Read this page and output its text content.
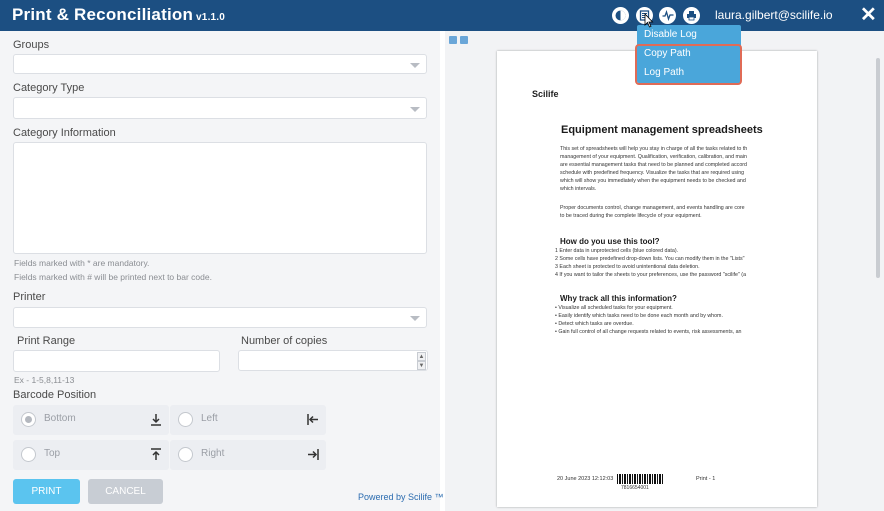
Print & Reconciliation v1.1.0	laura.gilbert@scilife.io ✕
Groups
Category Type
Category Information
Fields marked with * are mandatory.
Fields marked with # will be printed next to bar code.
Printer
Print Range
Ex - 1-5,8,11-13
Number of copies
▲
▼
Barcode Position
Bottom	Left
Top	Right
PRINT	CANCEL	Powered by Scilife ™
Scilife
Equipment management spreadsheets
This set of spreadsheets will help you stay in charge of all the tasks related to th
management of your equipment. Qualification, verification, calibration, and main
are essential management tasks that need to be planned and completed accord
schedule with predefined frequency. Visualize the tasks that are required using
which will show you immediately when the equipment needs to be checked and
which intervals.
Proper documents control, change management, and events handling are core
to be traced during the complete lifecycle of your equipment.
How do you use this tool?
1 Enter data in unprotected cells (blue colored data).
2 Some cells have predefined drop-down lists. You can modify them in the "Lists"
3 Each sheet is protected to avoid unintentional data deletion.
4 If you want to tailor the sheets to your preferences, use the password "scilife" (a
Why track all this information?
• Visualize all scheduled tasks for your equipment.
• Easily identify which tasks need to be done each month and by whom.
• Detect which tasks are overdue.
• Gain full control of all change requests related to events, risk assessments, an
20 June 2023 12:12:03
7816654001
Print - 1
Disable Log
Copy Path
Log Path
